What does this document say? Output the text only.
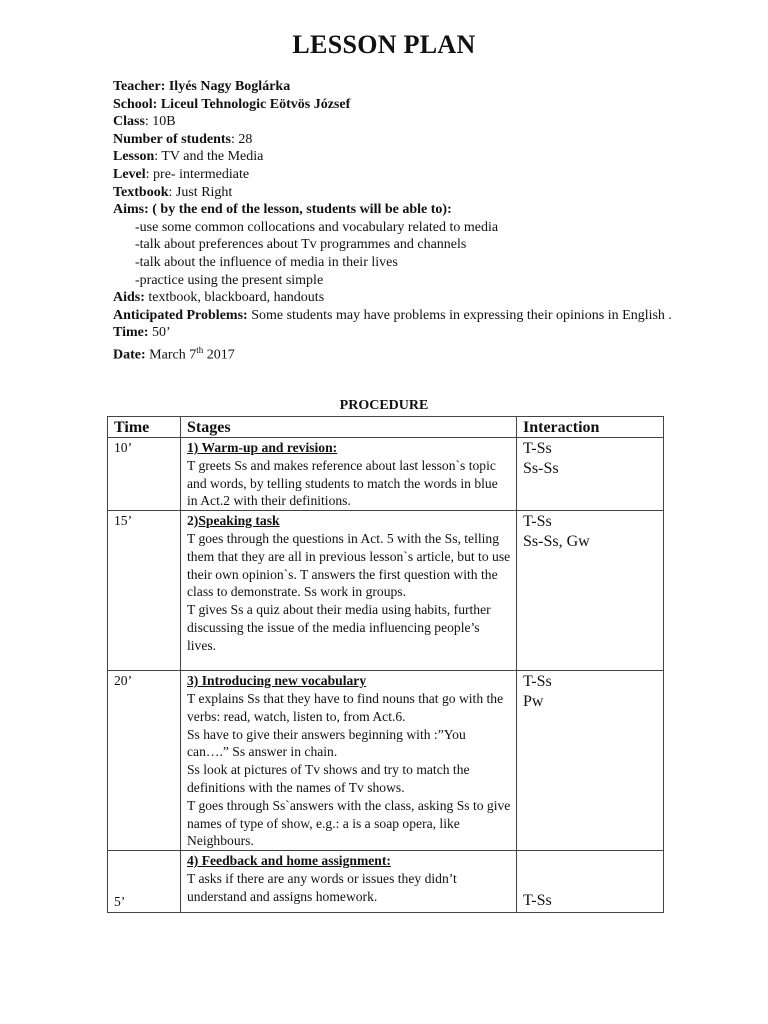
LESSON PLAN
Teacher: Ilyés Nagy Boglárka
School: Liceul Tehnologic Eötvös József
Class: 10B
Number of students: 28
Lesson: TV and the Media
Level: pre- intermediate
Textbook: Just Right
Aims: ( by the end of the lesson, students will be able to):
-use some common collocations and vocabulary related to media
-talk about preferences about Tv programmes and channels
-talk about the influence of media in their lives
-practice using the present simple
Aids: textbook, blackboard, handouts
Anticipated Problems: Some students may have problems in expressing their opinions in English .
Time: 50’
Date: March 7th 2017
PROCEDURE
Time	Stages	Interaction
10’	1) Warm-up and revision:
T greets Ss and makes reference about last lesson`s topic and words, by telling students to match the words in blue in Act.2 with their definitions.	T-Ss
Ss-Ss

15’	2)Speaking task
T goes through the questions in Act. 5 with the Ss, telling them that they are all in previous lesson`s article, but to use their own opinion`s. T answers the first question with the class to demonstrate. Ss work in groups.
T gives Ss a quiz about their media using habits, further discussing the issue of the media influencing people’s lives.	T-Ss
Ss-Ss, Gw

20’	3) Introducing new vocabulary
T explains Ss that they have to find nouns that go with the verbs: read, watch, listen to, from Act.6.
Ss have to give their answers beginning with :”You can….” Ss answer in chain.
Ss look at pictures of Tv shows and try to match the definitions with the names of Tv shows.
T goes through Ss`answers with the class, asking Ss to give names of type of show, e.g.: a is a soap opera, like Neighbours.	T-Ss
Pw

5’	4) Feedback and home assignment:
T asks if there are any words or issues they didn’t understand and assigns homework.	T-Ss
